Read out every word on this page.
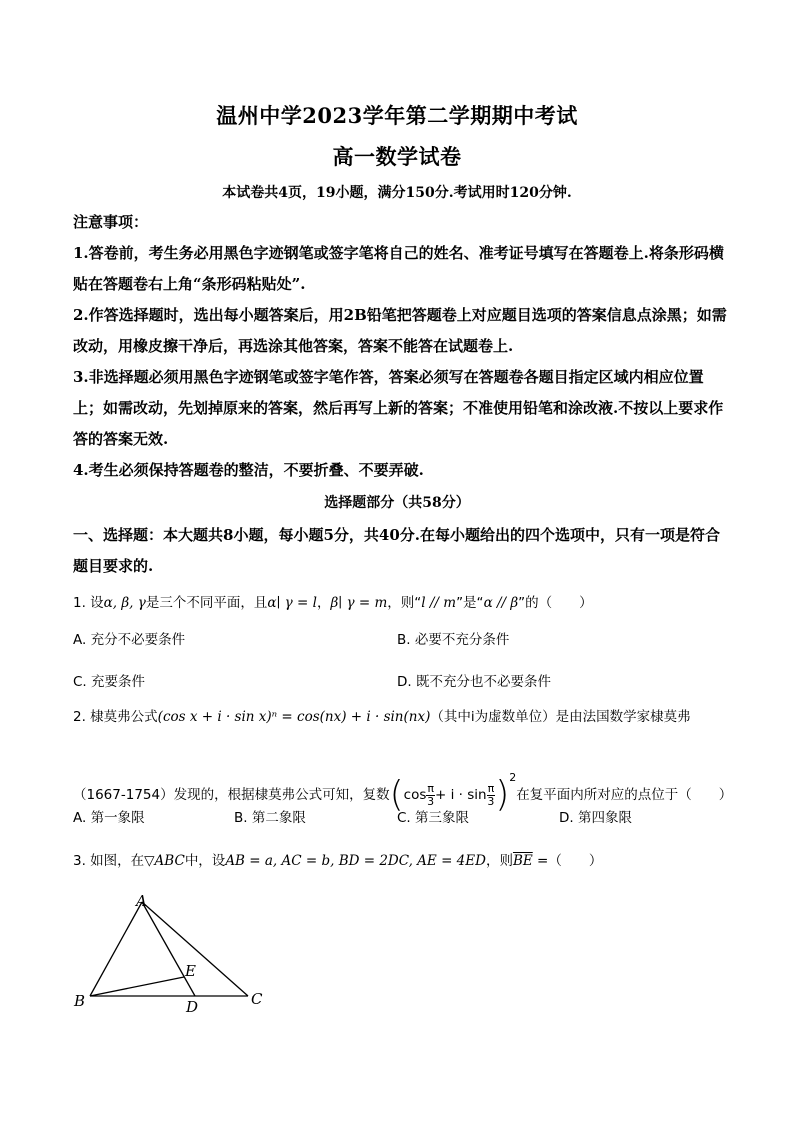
温州中学2023学年第二学期期中考试
高一数学试卷
本试卷共4页，19小题，满分150分.考试用时120分钟.
注意事项：
1.答卷前，考生务必用黑色字迹钢笔或签字笔将自己的姓名、准考证号填写在答题卷上.将条形码横贴在答题卷右上角“条形码粘贴处”.
2.作答选择题时，选出每小题答案后，用2B铅笔把答题卷上对应题目选项的答案信息点涂黑；如需改动，用橡皮擦干净后，再选涂其他答案，答案不能答在试题卷上.
3.非选择题必须用黑色字迹钢笔或签字笔作答，答案必须写在答题卷各题目指定区域内相应位置上；如需改动，先划掉原来的答案，然后再写上新的答案；不准使用铅笔和涂改液.不按以上要求作答的答案无效.
4.考生必须保持答题卷的整洁，不要折叠、不要弄破.
选择题部分（共58分）
一、选择题：本大题共8小题，每小题5分，共40分.在每小题给出的四个选项中，只有一项是符合题目要求的.
1. 设α, β, γ是三个不同平面，且α∣ γ = l，β∣ γ = m，则“l // m”是“α // β”的（　　）
A. 充分不必要条件	B. 必要不充分条件
C. 充要条件	D. 既不充分也不必要条件
2. 棣莫弗公式(cos x + i · sin x)ⁿ = cos(nx) + i · sin(nx)（其中i为虚数单位）是由法国数学家棣莫弗
（1667-1754）发现的，根据棣莫弗公式可知，复数$(\cos \frac{\pi}{3} + i \cdot \sin \frac{\pi}{3} )^2$在复平面内所对应的点位于（　　）
A. 第一象限	B. 第二象限	C. 第三象限	D. 第四象限
3. 如图，在▽ABC中，设AB = a, AC = b, BD = 2DC, AE = 4ED，则$\overline{BE}$ =（　　）
A
B	C
D
E
